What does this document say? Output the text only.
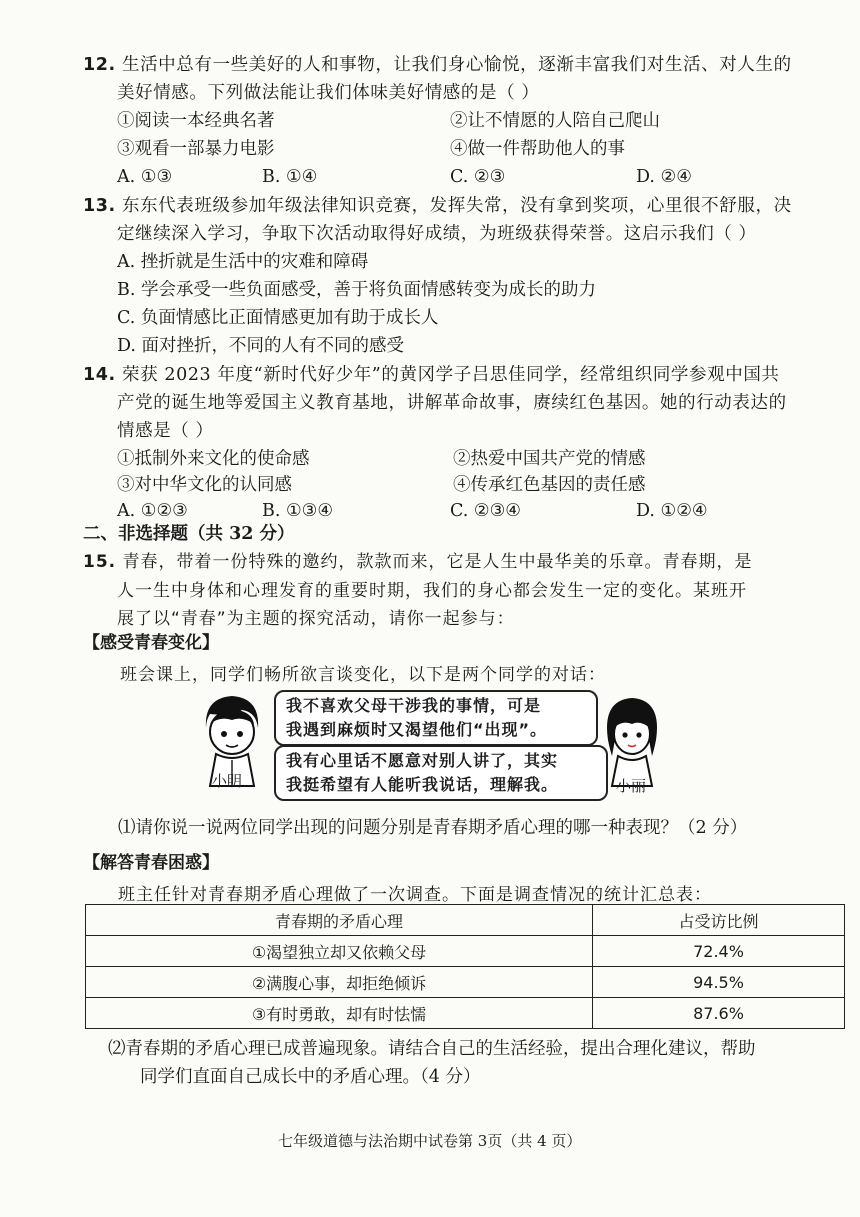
12. 生活中总有一些美好的人和事物，让我们身心愉悦，逐渐丰富我们对生活、对人生的
美好情感。下列做法能让我们体味美好情感的是（ ）
①阅读一本经典名著	②让不情愿的人陪自己爬山
③观看一部暴力电影	④做一件帮助他人的事
A. ①③	B. ①④	C. ②③	D. ②④
13. 东东代表班级参加年级法律知识竞赛，发挥失常，没有拿到奖项，心里很不舒服，决
定继续深入学习，争取下次活动取得好成绩，为班级获得荣誉。这启示我们（ ）
A. 挫折就是生活中的灾难和障碍
B. 学会承受一些负面感受，善于将负面情感转变为成长的助力
C. 负面情感比正面情感更加有助于成长人
D. 面对挫折，不同的人有不同的感受
14. 荣获 2023 年度“新时代好少年”的黄冈学子吕思佳同学，经常组织同学参观中国共
产党的诞生地等爱国主义教育基地，讲解革命故事，赓续红色基因。她的行动表达的
情感是（ ）
①抵制外来文化的使命感	②热爱中国共产党的情感
③对中华文化的认同感	④传承红色基因的责任感
A. ①②③	B. ①③④	C. ②③④	D. ①②④
二、非选择题（共 32 分）
15. 青春，带着一份特殊的邀约，款款而来，它是人生中最华美的乐章。青春期，是
人一生中身体和心理发育的重要时期，我们的身心都会发生一定的变化。某班开
展了以“青春”为主题的探究活动，请你一起参与：
【感受青春变化】
班会课上，同学们畅所欲言谈变化，以下是两个同学的对话：
小明
我不喜欢父母干涉我的事情，可是
我遇到麻烦时又渴望他们“出现”。
我有心里话不愿意对别人讲了，其实
我挺希望有人能听我说话，理解我。	小丽
⑴请你说一说两位同学出现的问题分别是青春期矛盾心理的哪一种表现？（2 分）
【解答青春困惑】
班主任针对青春期矛盾心理做了一次调查。下面是调查情况的统计汇总表：
青春期的矛盾心理	占受访比例
①渴望独立却又依赖父母	72.4%
②满腹心事，却拒绝倾诉	94.5%
③有时勇敢，却有时怯懦	87.6%
⑵青春期的矛盾心理已成普遍现象。请结合自己的生活经验，提出合理化建议，帮助
同学们直面自己成长中的矛盾心理。（4 分）
七年级道德与法治期中试卷第 3页（共 4 页）
